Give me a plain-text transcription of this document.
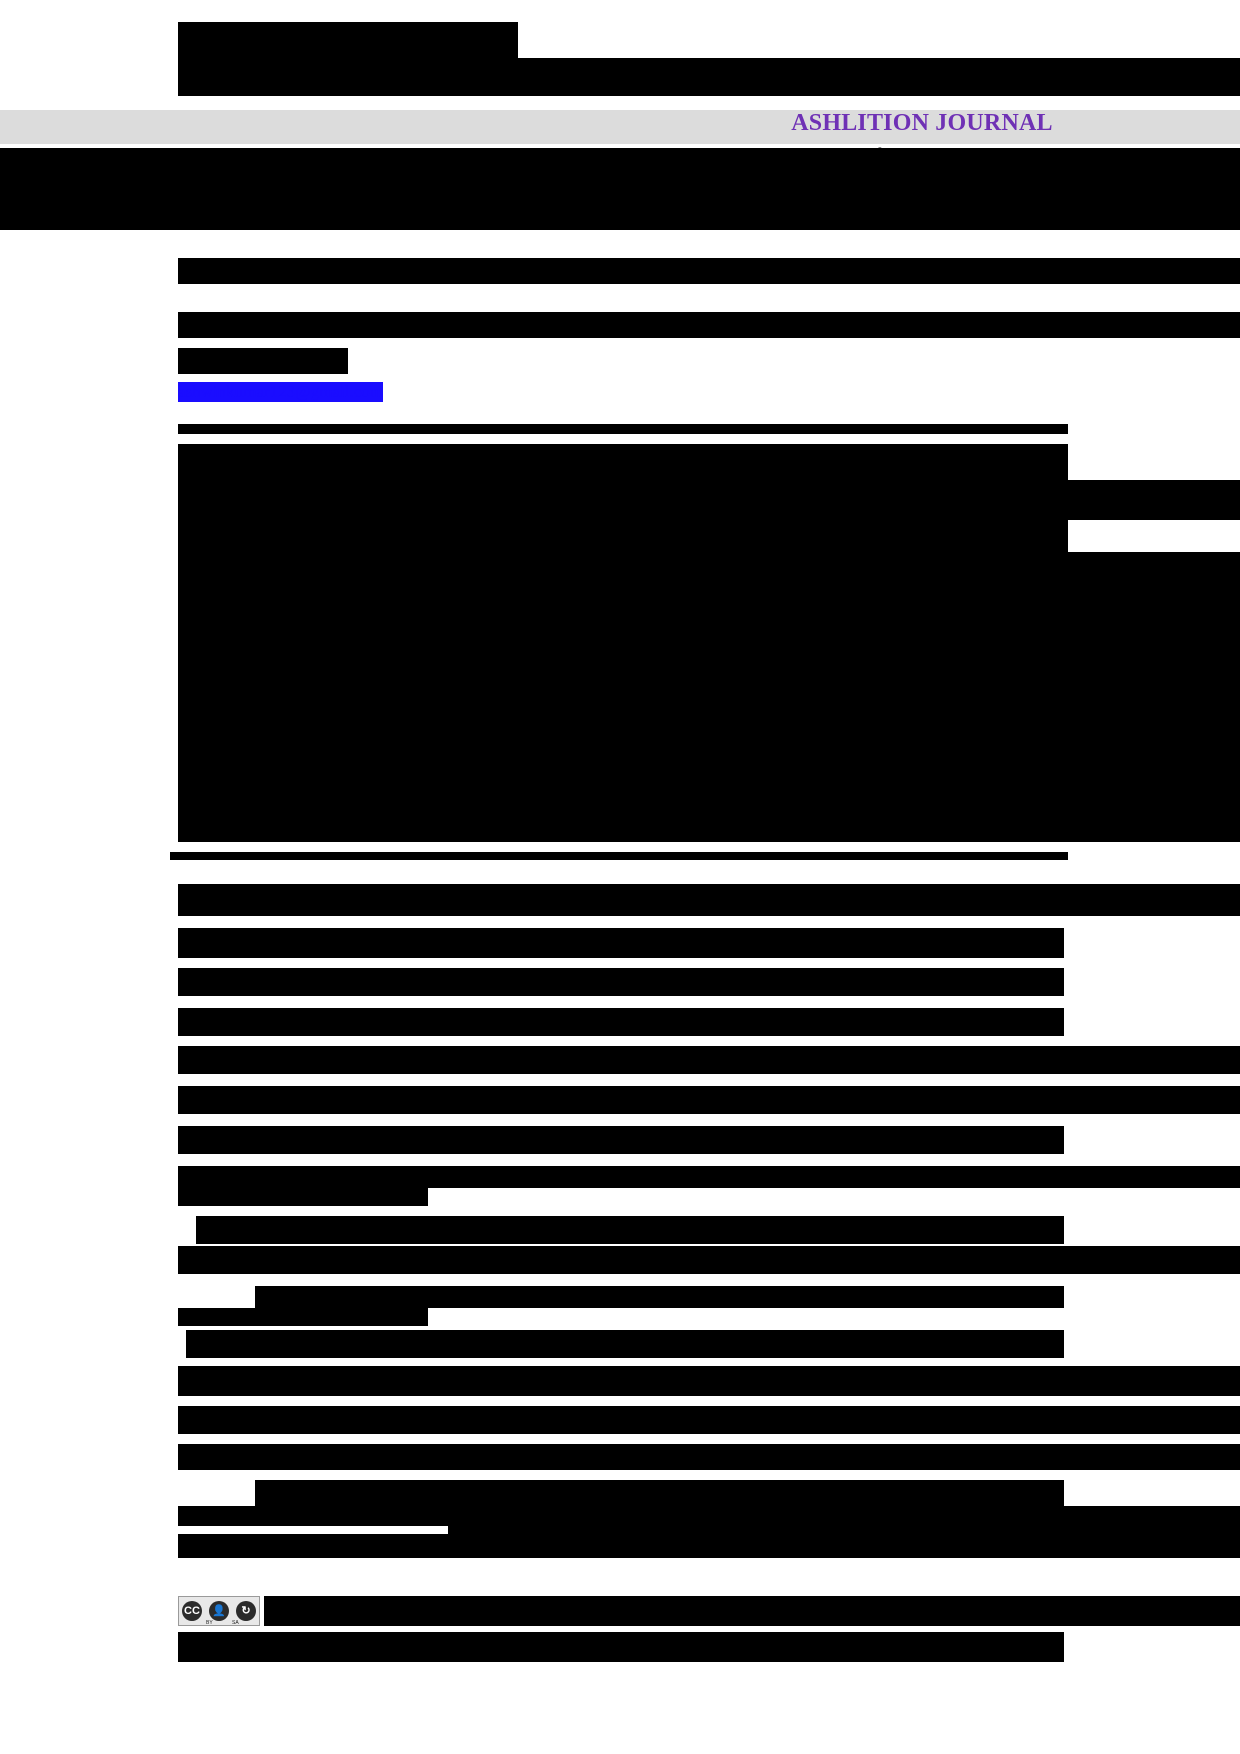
ASHLITION JOURNAL
ashwinkumar123@gmail.com
CC 👤	↻
BY	SA
